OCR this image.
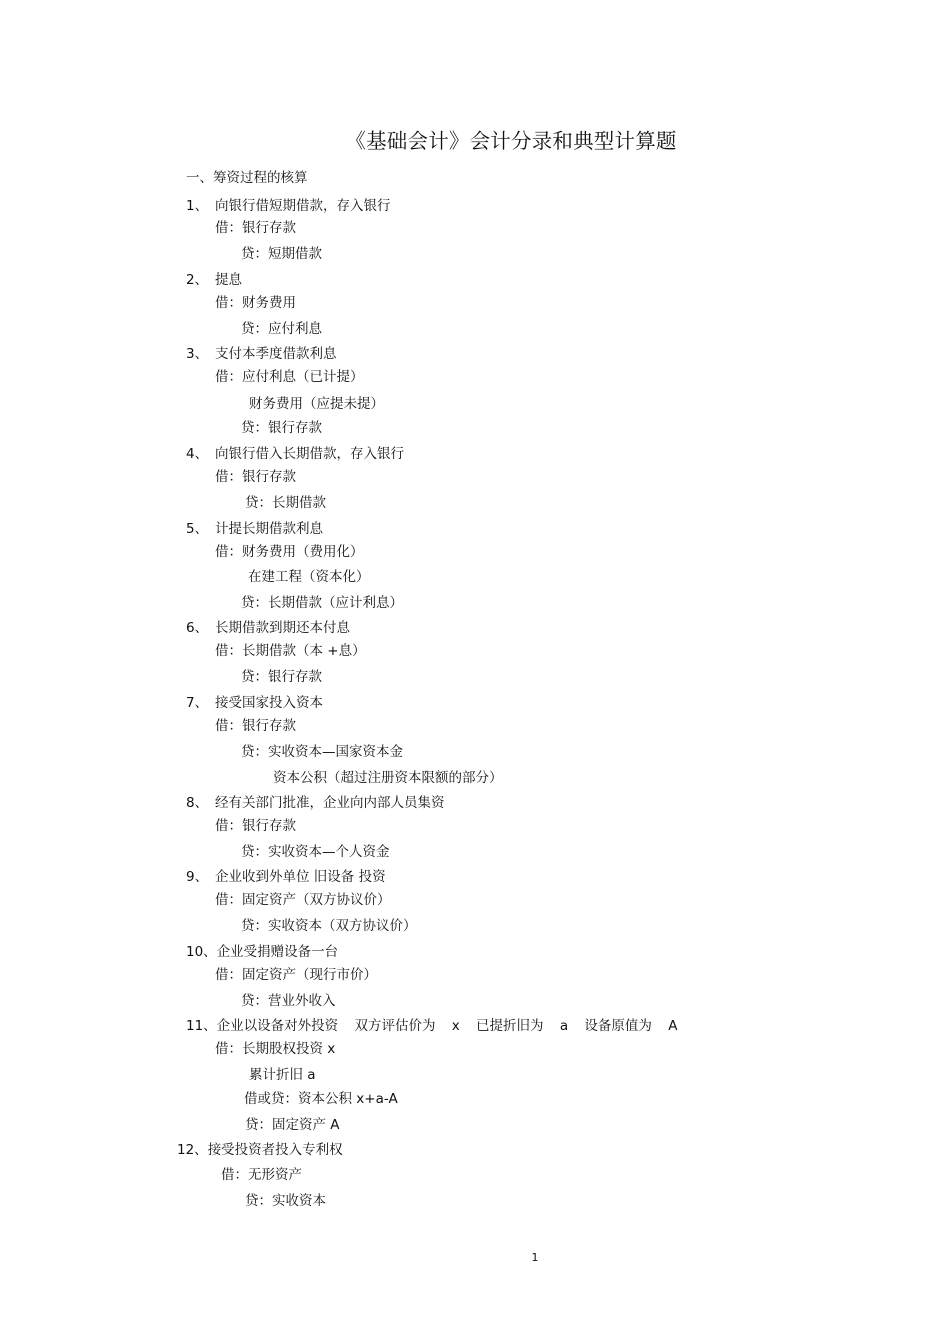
《基础会计》会计分录和典型计算题
一、筹资过程的核算
1、 向银行借短期借款，存入银行
借：银行存款
贷：短期借款
2、 提息
借：财务费用
贷：应付利息
3、 支付本季度借款利息
借：应付利息（已计提）
财务费用（应提未提）
贷：银行存款
4、 向银行借入长期借款，存入银行
借：银行存款
贷：长期借款
5、 计提长期借款利息
借：财务费用（费用化）
在建工程（资本化）
贷：长期借款（应计利息）
6、 长期借款到期还本付息
借：长期借款（本 +息）
贷：银行存款
7、 接受国家投入资本
借：银行存款
贷：实收资本—国家资本金
资本公积（超过注册资本限额的部分）
8、 经有关部门批准，企业向内部人员集资
借：银行存款
贷：实收资本—个人资金
9、 企业收到外单位 旧设备 投资
借：固定资产（双方协议价）
贷：实收资本（双方协议价）
10、企业受捐赠设备一台
借：固定资产（现行市价）
贷：营业外收入
11、企业以设备对外投资 双方评估价为 x 已提折旧为 a 设备原值为 A
借：长期股权投资 x
累计折旧 a
借或贷：资本公积 x+a-A
贷：固定资产 A
12、接受投资者投入专利权
借：无形资产
贷：实收资本
1
